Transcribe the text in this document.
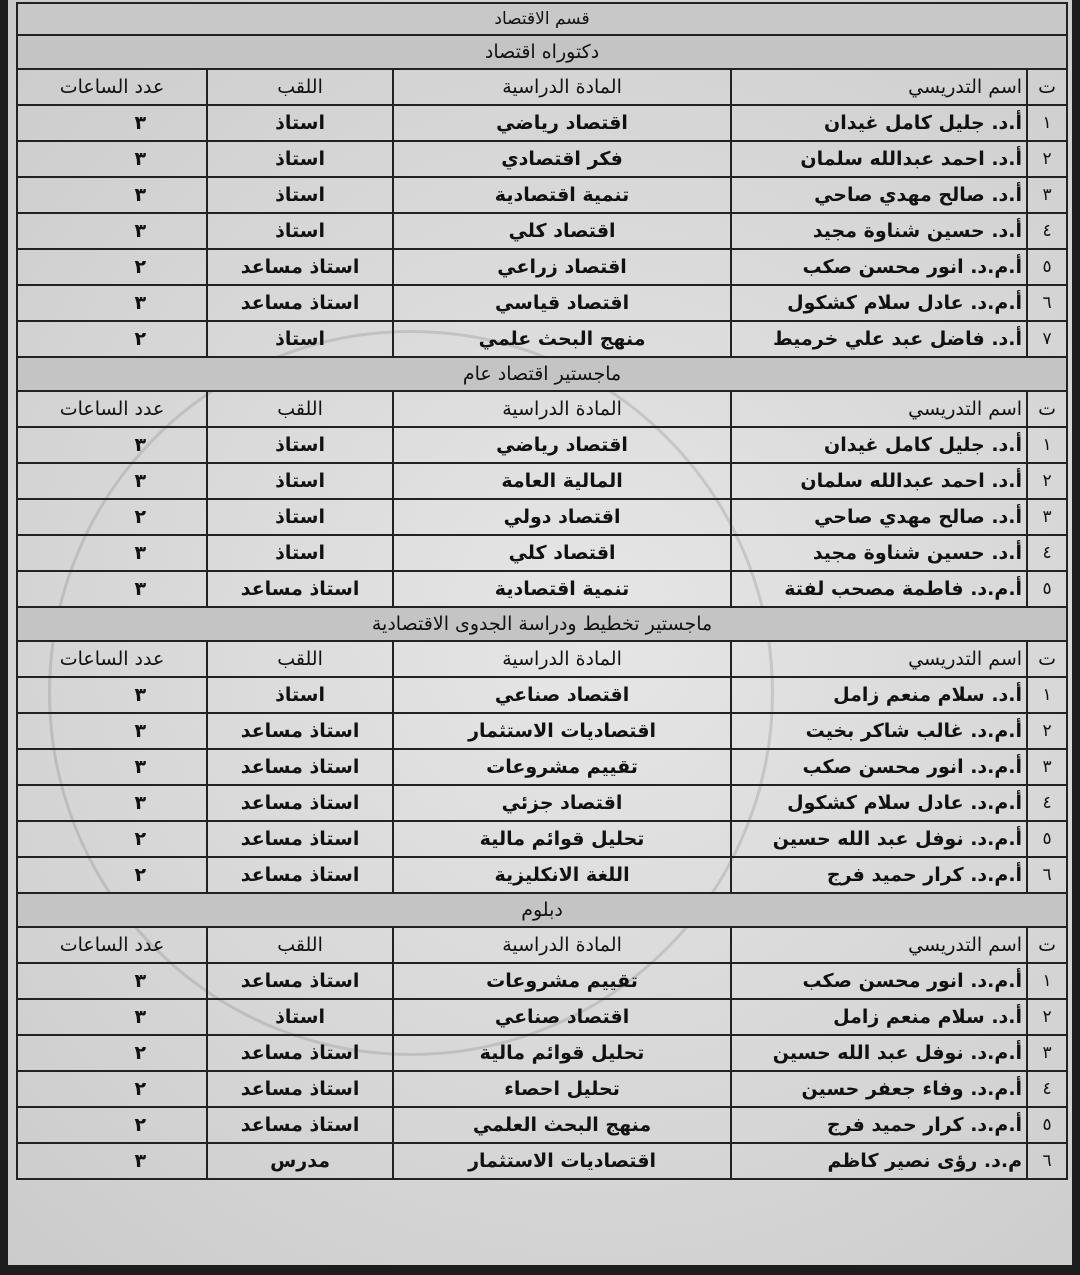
قسم الاقتصاد				
دكتوراه اقتصاد				
ت	اسم التدريسي	المادة الدراسية	اللقب	عدد الساعات
١	أ.د. جليل كامل غيدان	اقتصاد رياضي	استاذ	٣
٢	أ.د. احمد عبدالله سلمان	فكر اقتصادي	استاذ	٣
٣	أ.د. صالح مهدي صاحي	تنمية اقتصادية	استاذ	٣
٤	أ.د. حسين شناوة مجيد	اقتصاد كلي	استاذ	٣
٥	أ.م.د. انور محسن صكب	اقتصاد زراعي	استاذ مساعد	٢
٦	أ.م.د. عادل سلام كشكول	اقتصاد قياسي	استاذ مساعد	٣
٧	أ.د. فاضل عبد علي خرميط	منهج البحث علمي	استاذ	٢
ماجستير اقتصاد عام				
ت	اسم التدريسي	المادة الدراسية	اللقب	عدد الساعات
١	أ.د. جليل كامل غيدان	اقتصاد رياضي	استاذ	٣
٢	أ.د. احمد عبدالله سلمان	المالية العامة	استاذ	٣
٣	أ.د. صالح مهدي صاحي	اقتصاد دولي	استاذ	٢
٤	أ.د. حسين شناوة مجيد	اقتصاد كلي	استاذ	٣
٥	أ.م.د. فاطمة مصحب لفتة	تنمية اقتصادية	استاذ مساعد	٣
ماجستير تخطيط ودراسة الجدوى الاقتصادية				
ت	اسم التدريسي	المادة الدراسية	اللقب	عدد الساعات
١	أ.د. سلام منعم زامل	اقتصاد صناعي	استاذ	٣
٢	أ.م.د. غالب شاكر بخيت	اقتصاديات الاستثمار	استاذ مساعد	٣
٣	أ.م.د. انور محسن صكب	تقييم مشروعات	استاذ مساعد	٣
٤	أ.م.د. عادل سلام كشكول	اقتصاد جزئي	استاذ مساعد	٣
٥	أ.م.د. نوفل عبد الله حسين	تحليل قوائم مالية	استاذ مساعد	٢
٦	أ.م.د. كرار حميد فرج	اللغة الانكليزية	استاذ مساعد	٢
دبلوم				
ت	اسم التدريسي	المادة الدراسية	اللقب	عدد الساعات
١	أ.م.د. انور محسن صكب	تقييم مشروعات	استاذ مساعد	٣
٢	أ.د. سلام منعم زامل	اقتصاد صناعي	استاذ	٣
٣	أ.م.د. نوفل عبد الله حسين	تحليل قوائم مالية	استاذ مساعد	٢
٤	أ.م.د. وفاء جعفر حسين	تحليل احصاء	استاذ مساعد	٢
٥	أ.م.د. كرار حميد فرج	منهج البحث العلمي	استاذ مساعد	٢
٦	م.د. رؤى نصير كاظم	اقتصاديات الاستثمار	مدرس	٣
